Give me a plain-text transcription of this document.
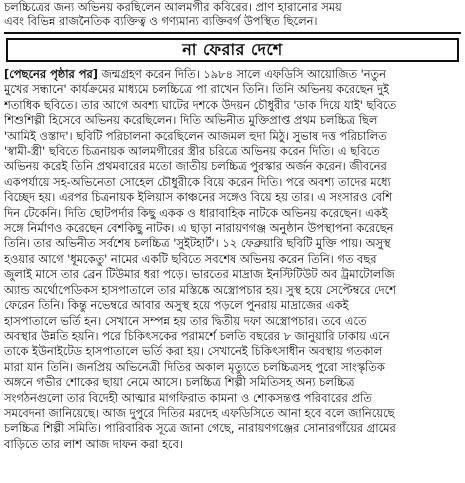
চলচ্চিত্রের জন্য অভিনয় করছিলেন আলমগীর কবিরের। প্রাণ হারানোর সময়
এবং বিভিন্ন রাজনৈতিক ব্যক্তিত্ব ও গণ্যমান্য ব্যক্তিবর্গ উপস্থিত ছিলেন।
না ফেরার দেশে
[পেছনের পৃষ্ঠার পর] জন্মগ্রহণ করেন দিতি। ১৯৮৪ সালে এফডিসি আয়োজিত 'নতুন
মুখের সন্ধানে' কার্যক্রমের মাধ্যমে চলচ্চিত্রে পা রাখেন তিনি। তিনি অভিনয় করেছেন দুই
শতাধিক ছবিতে। তার আগে অবশ্য ঘাটের দশকে উদয়ন চৌধুরীর 'ডাক দিয়ে যাই' ছবিতে
শিশুশিল্পী হিসেবে অভিনয় করেছিলেন। দিতি অভিনীত মুক্তিপ্রাপ্ত প্রথম চলচ্চিত্র ছিল
'আমিই ওস্তাদ'। ছবিটি পরিচালনা করেছিলেন আজমল হুদা মিঠু। সুভাষ দত্ত পরিচালিত
'স্বামী-স্ত্রী' ছবিতে চিত্রনায়ক আলমগীরের স্ত্রীর চরিত্রে অভিনয় করেন দিতি। এ ছবিতে
অভিনয় করেই তিনি প্রথমবারের মতো জাতীয় চলচ্চিত্র পুরস্কার অর্জন করেন। জীবনের
একপর্যায়ে সহ-অভিনেতা সোহেল চৌধুরীকে বিয়ে করেন দিতি। পরে অবশ্য তাদের মধ্যে
বিচ্ছেদ হয়। এরপর চিত্রনায়ক ইলিয়াস কাঞ্চনের সঙ্গেও বিয়ে হয় তার। এ সংসারও বেশি
দিন টেকেনি। দিতি ছোটপর্দার কিছু একক ও ধারাবাহিক নাটকে অভিনয় করেছেন। একই
সঙ্গে নির্মাণও করেছেন বেশকিছু নাটক। এ ছাড়া নারায়ণগঞ্জ অনুষ্ঠান উপস্থাপনা করেছেন
তিনি। তার অভিনীত সর্বশেষ চলচ্চিত্র 'সুইটহার্ট'। ১২ ফেব্রুয়ারি ছবিটি মুক্তি পায়। অসুস্থ
হওয়ার আগে 'ধূমকেতু' নামের একটি ছবিতে সবশেষ অভিনয় করেন তিনি। গত বছর
জুলাই মাসে তার ব্রেন টিউমার ধরা পড়ে। ভারতের মাদ্রাজ ইনস্টিটিউট অব ট্রমাটোলজি
অ্যান্ড অর্থোপেডিকস হাসপাতালে তার মস্তিষ্কে অস্ত্রোপচার হয়। সুস্থ হয়ে সেপ্টেম্বরে দেশে
ফেরেন তিনি। কিন্তু নভেম্বরে আবার অসুস্থ হয়ে পড়লে পুনরায় মাদ্রাজের একই
হাসপাতালে ভর্তি হন। সেখানে সম্পন্ন হয় তার দ্বিতীয় দফা অস্ত্রোপচার। তবে এতে
অবস্থার উন্নতি হয়নি। পরে চিকিৎসকের পরামর্শে চলতি বছরের ৮ জানুয়ারি ঢাকায় এনে
তাকে ইউনাইটেড হাসপাতালে ভর্তি করা হয়। সেখানেই চিকিৎসাধীন অবস্থায় গতকাল
মারা যান তিনি। জনপ্রিয় অভিনেত্রী দিতির অকাল মৃত্যুতে চলচ্চিত্রসহ পুরো সাংস্কৃতিক
অঙ্গনে গভীর শোকের ছায়া নেমে আসে। চলচ্চিত্র শিল্পী সমিতিসহ অন্য চলচ্চিত্র
সংগঠনগুলো তার বিদেহী আত্মার মাগফিরাত কামনা ও শোকসন্তপ্ত পরিবারের প্রতি
সমবেদনা জানিয়েছে। আজ দুপুরে দিতির মরদেহ এফডিসিতে আনা হবে বলে জানিয়েছে
চলচ্চিত্র শিল্পী সমিতি। পারিবারিক সূত্রে জানা গেছে, নারায়ণগঞ্জের সোনারগাঁয়ের গ্রামের
বাড়িতে তার লাশ আজ দাফন করা হবে।
